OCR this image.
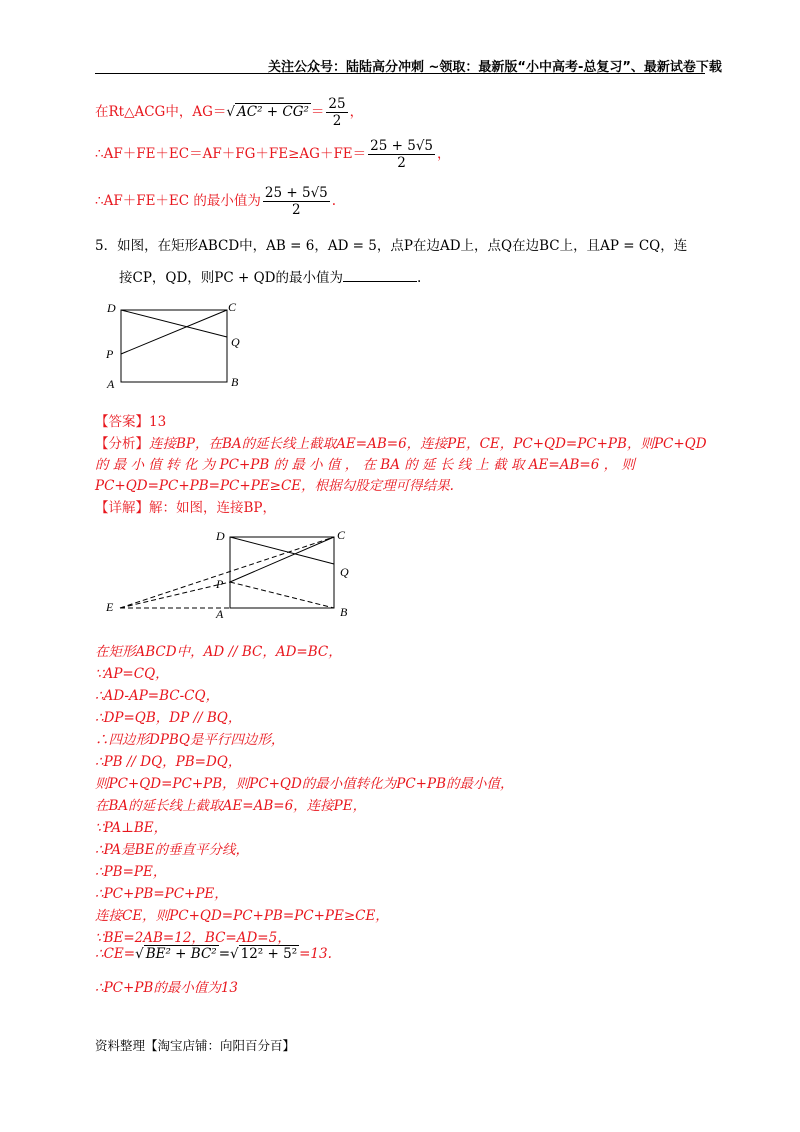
关注公众号：陆陆高分冲刺 ~领取：最新版“小中高考-总复习”、最新试卷下载
在Rt△ACG中，AG＝√ $AC^2 + CG^2 = \frac{25}{2}$ ，
∴AF＋FE＋EC＝AF＋FG＋FE≥AG＋FE＝ $\frac{25 + 5√5}{2}$ ，
∴AF＋FE＋EC 的最小值为 $\frac{25 + 5√5}{2}$ .
5．如图，在矩形ABCD中，AB = 6，AD = 5，点P在边AD上，点Q在边BC上，且AP = CQ，连
接CP，QD，则PC + QD的最小值为	.
D	C
Q
P
A	B
【答案】13
【分析】连接BP，在BA的延长线上截取AE=AB=6，连接PE，CE，PC+QD=PC+PB，则PC+QD
的 最 小 值 转 化 为 PC+PB 的 最 小 值 ， 在 BA 的 延 长 线 上 截 取 AE=AB=6 ， 则
PC+QD=PC+PB=PC+PE≥CE，根据勾股定理可得结果.
【详解】解：如图，连接BP，
D	C
Q
P
E	A	B
在矩形ABCD中，AD // BC，AD=BC，
∵AP=CQ，
∴AD-AP=BC-CQ，
∴DP=QB，DP // BQ，
∴四边形DPBQ是平行四边形，
∴PB // DQ，PB=DQ，
则PC+QD=PC+PB，则PC+QD的最小值转化为PC+PB的最小值，
在BA的延长线上截取AE=AB=6，连接PE，
∵PA⊥BE，
∴PA是BE的垂直平分线，
∴PB=PE，
∴PC+PB=PC+PE，
连接CE，则PC+QD=PC+PB=PC+PE≥CE，
∵BE=2AB=12，BC=AD=5，
∴CE=√ BE² + BC² =√ 12² + 5² =13.
∴PC+PB的最小值为13
资料整理【淘宝店铺：向阳百分百】
